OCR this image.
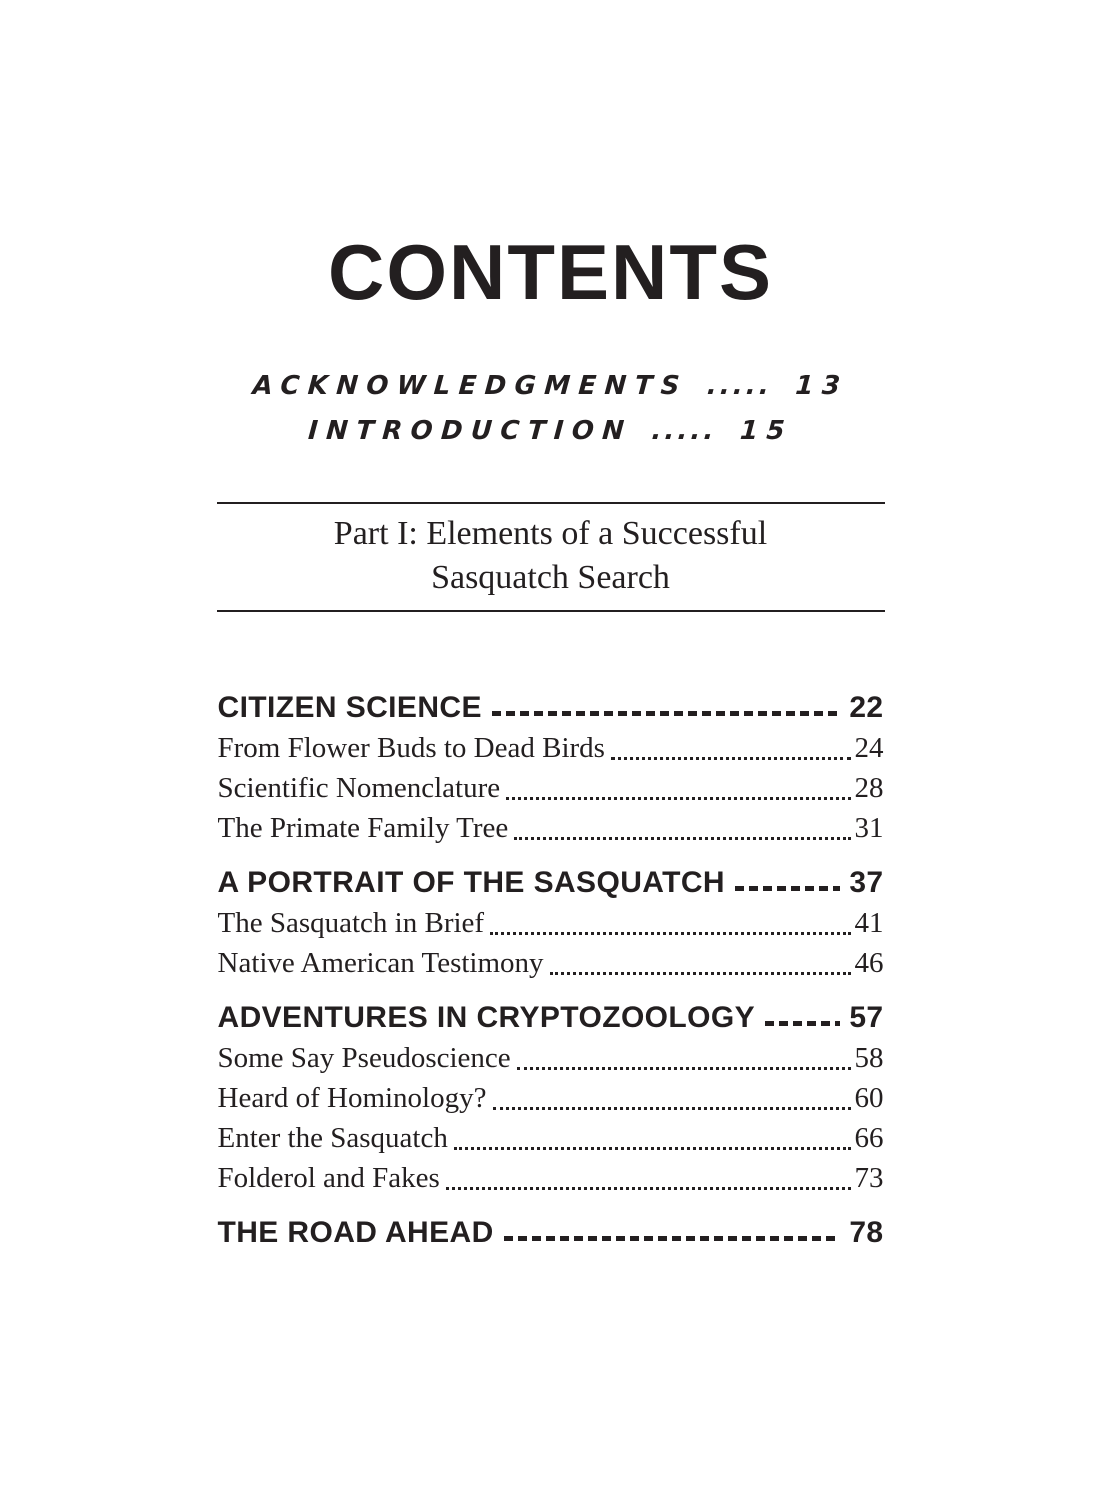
CONTENTS
ACKNOWLEDGMENTS ..... 13
INTRODUCTION ..... 15
Part I: Elements of a Successful
Sasquatch Search
CITIZEN SCIENCE	22
From Flower Buds to Dead Birds	24
Scientific Nomenclature	28
The Primate Family Tree	31
A PORTRAIT OF THE SASQUATCH	37
The Sasquatch in Brief	41
Native American Testimony	46
ADVENTURES IN CRYPTOZOOLOGY	57
Some Say Pseudoscience	58
Heard of Hominology?	60
Enter the Sasquatch	66
Folderol and Fakes	73
THE ROAD AHEAD	78
